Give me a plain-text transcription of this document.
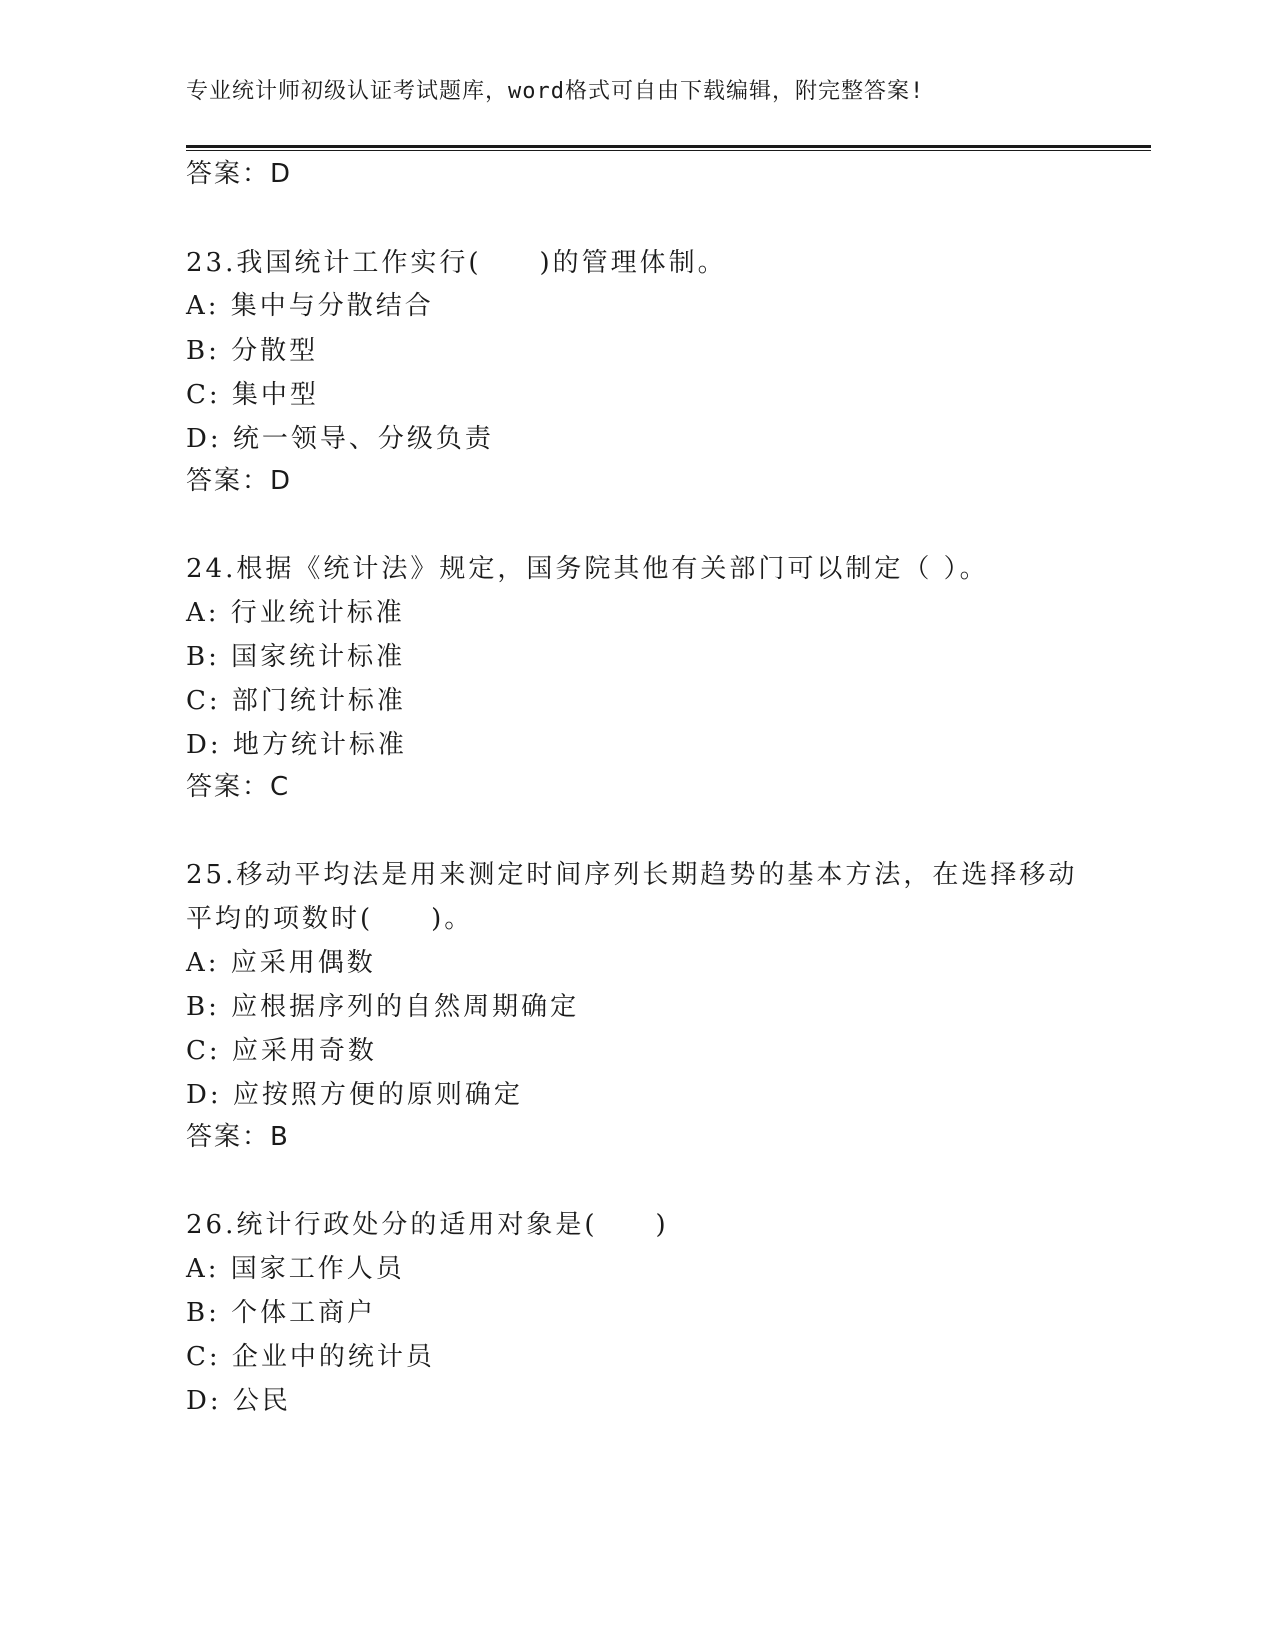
专业统计师初级认证考试题库，word格式可自由下载编辑，附完整答案!
答案：D
23.我国统计工作实行(　　)的管理体制。
A: 集中与分散结合
B: 分散型
C: 集中型
D: 统一领导、分级负责
答案：D
24.根据《统计法》规定，国务院其他有关部门可以制定（ ）。
A: 行业统计标准
B: 国家统计标准
C: 部门统计标准
D: 地方统计标准
答案：C
25.移动平均法是用来测定时间序列长期趋势的基本方法，在选择移动
平均的项数时(　　)。
A: 应采用偶数
B: 应根据序列的自然周期确定
C: 应采用奇数
D: 应按照方便的原则确定
答案：B
26.统计行政处分的适用对象是(　　)
A: 国家工作人员
B: 个体工商户
C: 企业中的统计员
D: 公民
